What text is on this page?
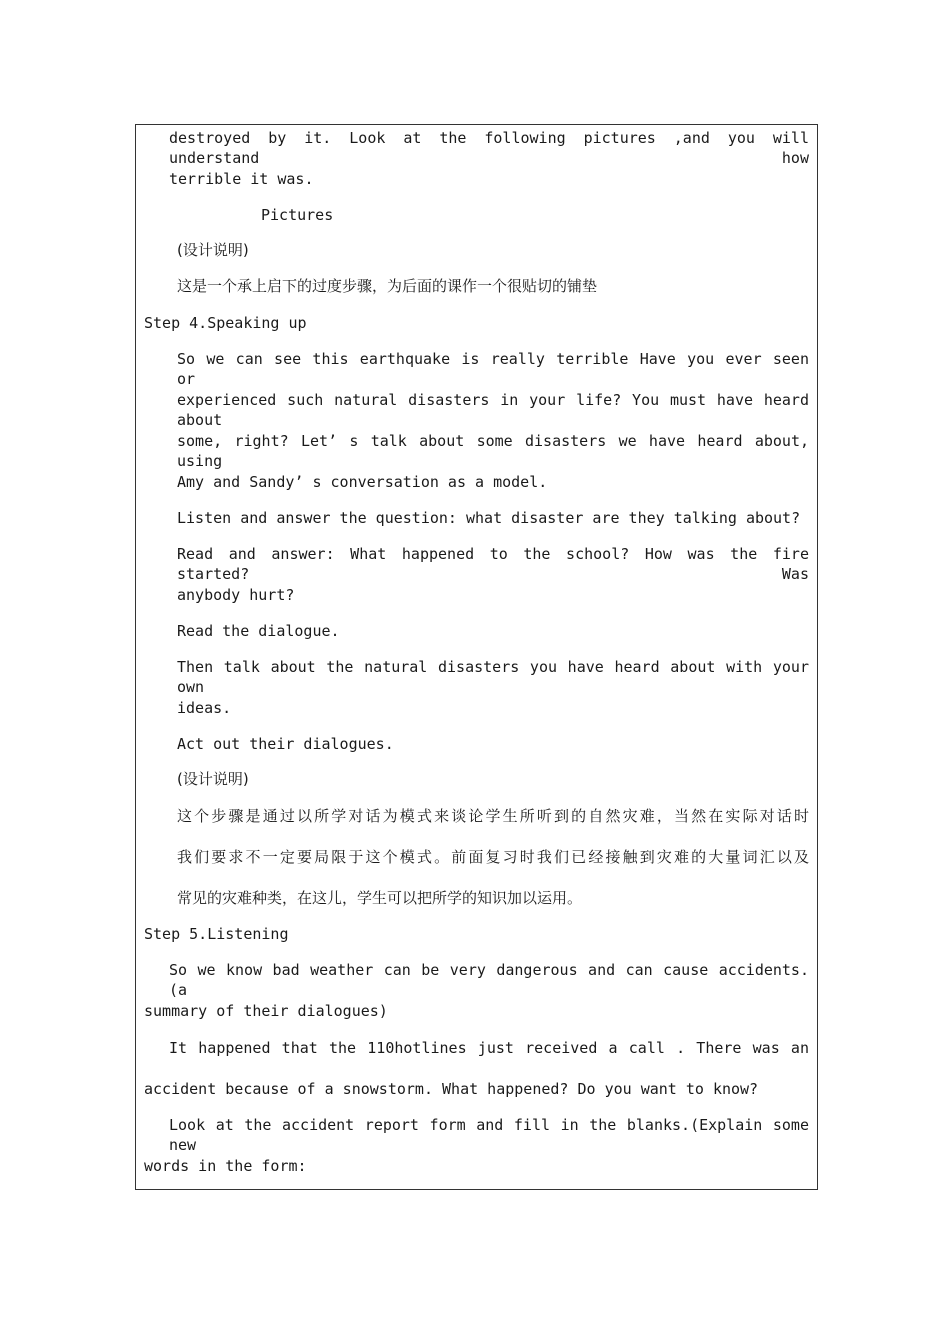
destroyed by it. Look at the following pictures ,and you will understand how
terrible it was.
Pictures
(设计说明)
这是一个承上启下的过度步骤，为后面的课作一个很贴切的铺垫
Step 4.Speaking up
So we can see this earthquake is really terrible Have you ever seen or
experienced such natural disasters in your life? You must have heard about
some, right? Let’ s talk about some disasters we have heard about, using
Amy and Sandy’ s conversation as a model.
Listen and answer the question: what disaster are they talking about?
Read and answer: What happened to the school? How was the fire started? Was
anybody hurt?
Read the dialogue.
Then talk about the natural disasters you have heard about with your own
ideas.
Act out their dialogues.
(设计说明)
这个步骤是通过以所学对话为模式来谈论学生所听到的自然灾难，当然在实际对话时
我们要求不一定要局限于这个模式。前面复习时我们已经接触到灾难的大量词汇以及
常见的灾难种类，在这儿，学生可以把所学的知识加以运用。
Step 5.Listening
So we know bad weather can be very dangerous and can cause accidents.(a
summary of their dialogues)
It happened that the 110hotlines just received a call . There was an
accident because of a snowstorm. What happened? Do you want to know?
Look at the accident report form and fill in the blanks.(Explain some new
words in the form:
